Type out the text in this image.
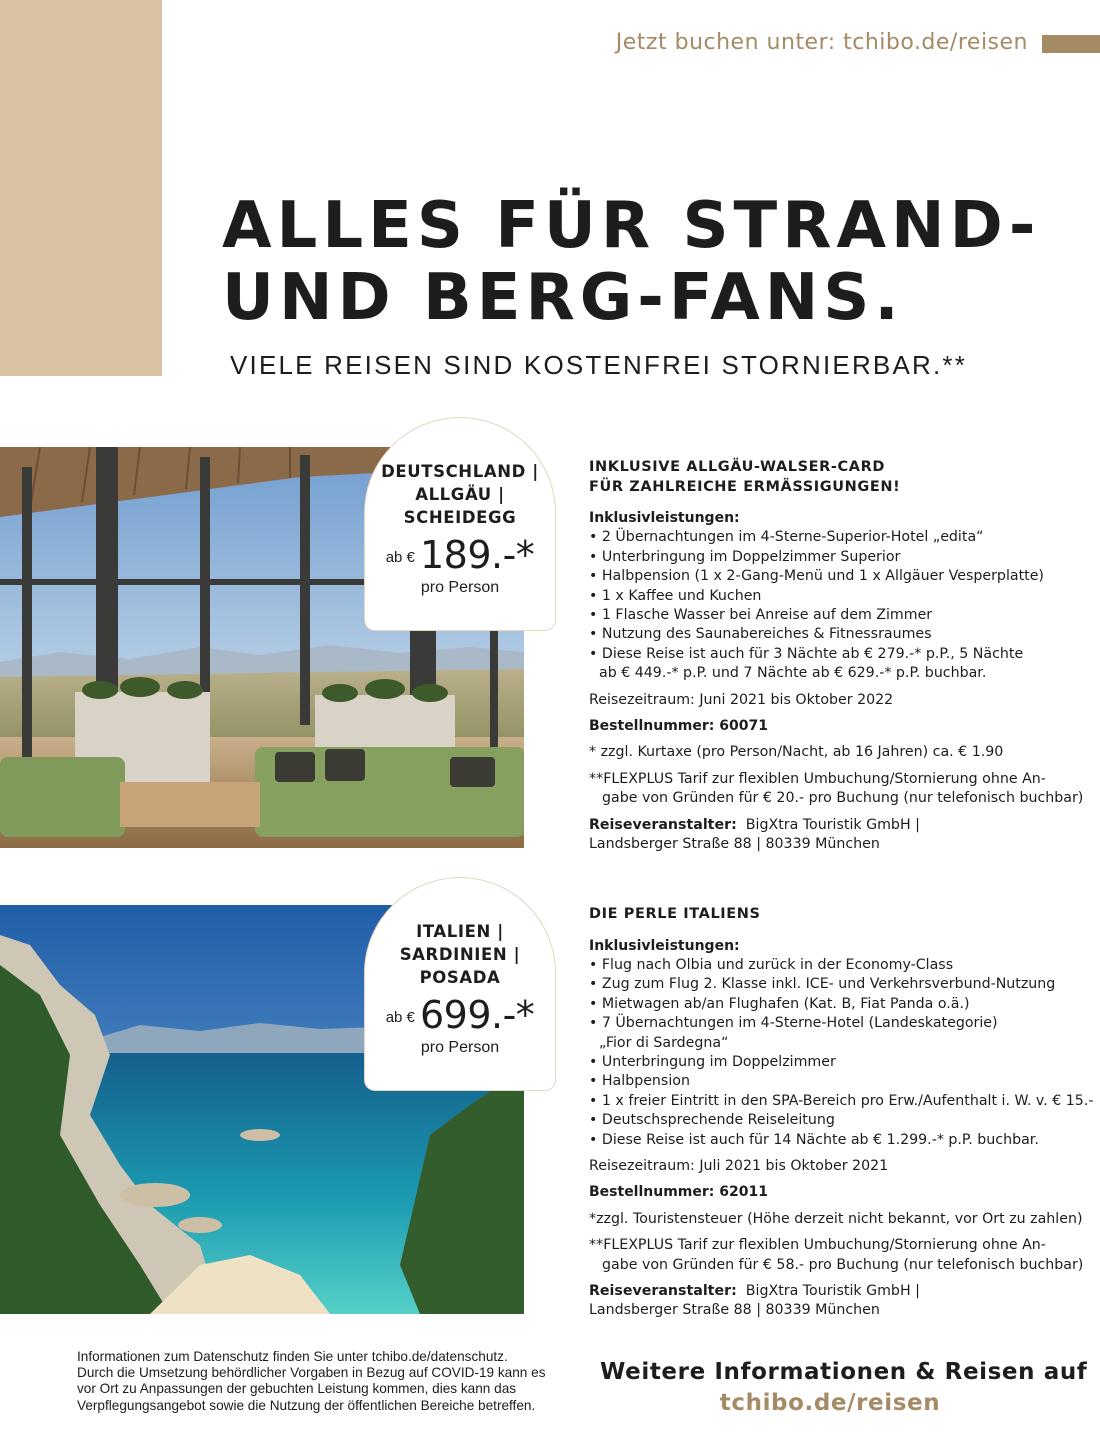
Jetzt buchen unter: tchibo.de/reisen
ALLES FÜR STRAND-
UND BERG-FANS.
VIELE REISEN SIND KOSTENFREI STORNIERBAR.**
DEUTSCHLAND |
ALLGÄU |
SCHEIDEGG
ab € 189.-*
pro Person
INKLUSIVE ALLGÄU-WALSER-CARD
FÜR ZAHLREICHE ERMÄSSIGUNGEN!

Inklusivleistungen:

• 2 Übernachtungen im 4-Sterne-Superior-Hotel „edita“
• Unterbringung im Doppelzimmer Superior
• Halbpension (1 x 2-Gang-Menü und 1 x Allgäuer Vesperplatte)
• 1 x Kaffee und Kuchen
• 1 Flasche Wasser bei Anreise auf dem Zimmer
• Nutzung des Saunabereiches & Fitnessraumes
• Diese Reise ist auch für 3 Nächte ab € 279.-* p.P., 5 Nächte

ab € 449.-* p.P. und 7 Nächte ab € 629.-* p.P. buchbar.

Reisezeitraum: Juni 2021 bis Oktober 2022

Bestellnummer: 60071

* zzgl. Kurtaxe (pro Person/Nacht, ab 16 Jahren) ca. € 1.90

**FLEXPLUS Tarif zur flexiblen Umbuchung/Stornierung ohne An-

gabe von Gründen für € 20.- pro Buchung (nur telefonisch buchbar)

Reiseveranstalter: BigXtra Touristik GmbH |

Landsberger Straße 88 | 80339 München

ITALIEN |
SARDINIEN |
POSADA
ab € 699.-*
pro Person
DIE PERLE ITALIENS

Inklusivleistungen:

• Flug nach Olbia und zurück in der Economy-Class
• Zug zum Flug 2. Klasse inkl. ICE- und Verkehrsverbund-Nutzung
• Mietwagen ab/an Flughafen (Kat. B, Fiat Panda o.ä.)
• 7 Übernachtungen im 4-Sterne-Hotel (Landeskategorie)

„Fior di Sardegna“

• Unterbringung im Doppelzimmer
• Halbpension
• 1 x freier Eintritt in den SPA-Bereich pro Erw./Aufenthalt i. W. v. € 15.-
• Deutschsprechende Reiseleitung
• Diese Reise ist auch für 14 Nächte ab € 1.299.-* p.P. buchbar.

Reisezeitraum: Juli 2021 bis Oktober 2021

Bestellnummer: 62011

*zzgl. Touristensteuer (Höhe derzeit nicht bekannt, vor Ort zu zahlen)

**FLEXPLUS Tarif zur flexiblen Umbuchung/Stornierung ohne An-

gabe von Gründen für € 58.- pro Buchung (nur telefonisch buchbar)

Reiseveranstalter: BigXtra Touristik GmbH |

Landsberger Straße 88 | 80339 München

Informationen zum Datenschutz finden Sie unter tchibo.de/datenschutz.

Durch die Umsetzung behördlicher Vorgaben in Bezug auf COVID-19 kann es

vor Ort zu Anpassungen der gebuchten Leistung kommen, dies kann das

Verpflegungsangebot sowie die Nutzung der öffentlichen Bereiche betreffen.

Weitere Informationen & Reisen auf
tchibo.de/reisen
